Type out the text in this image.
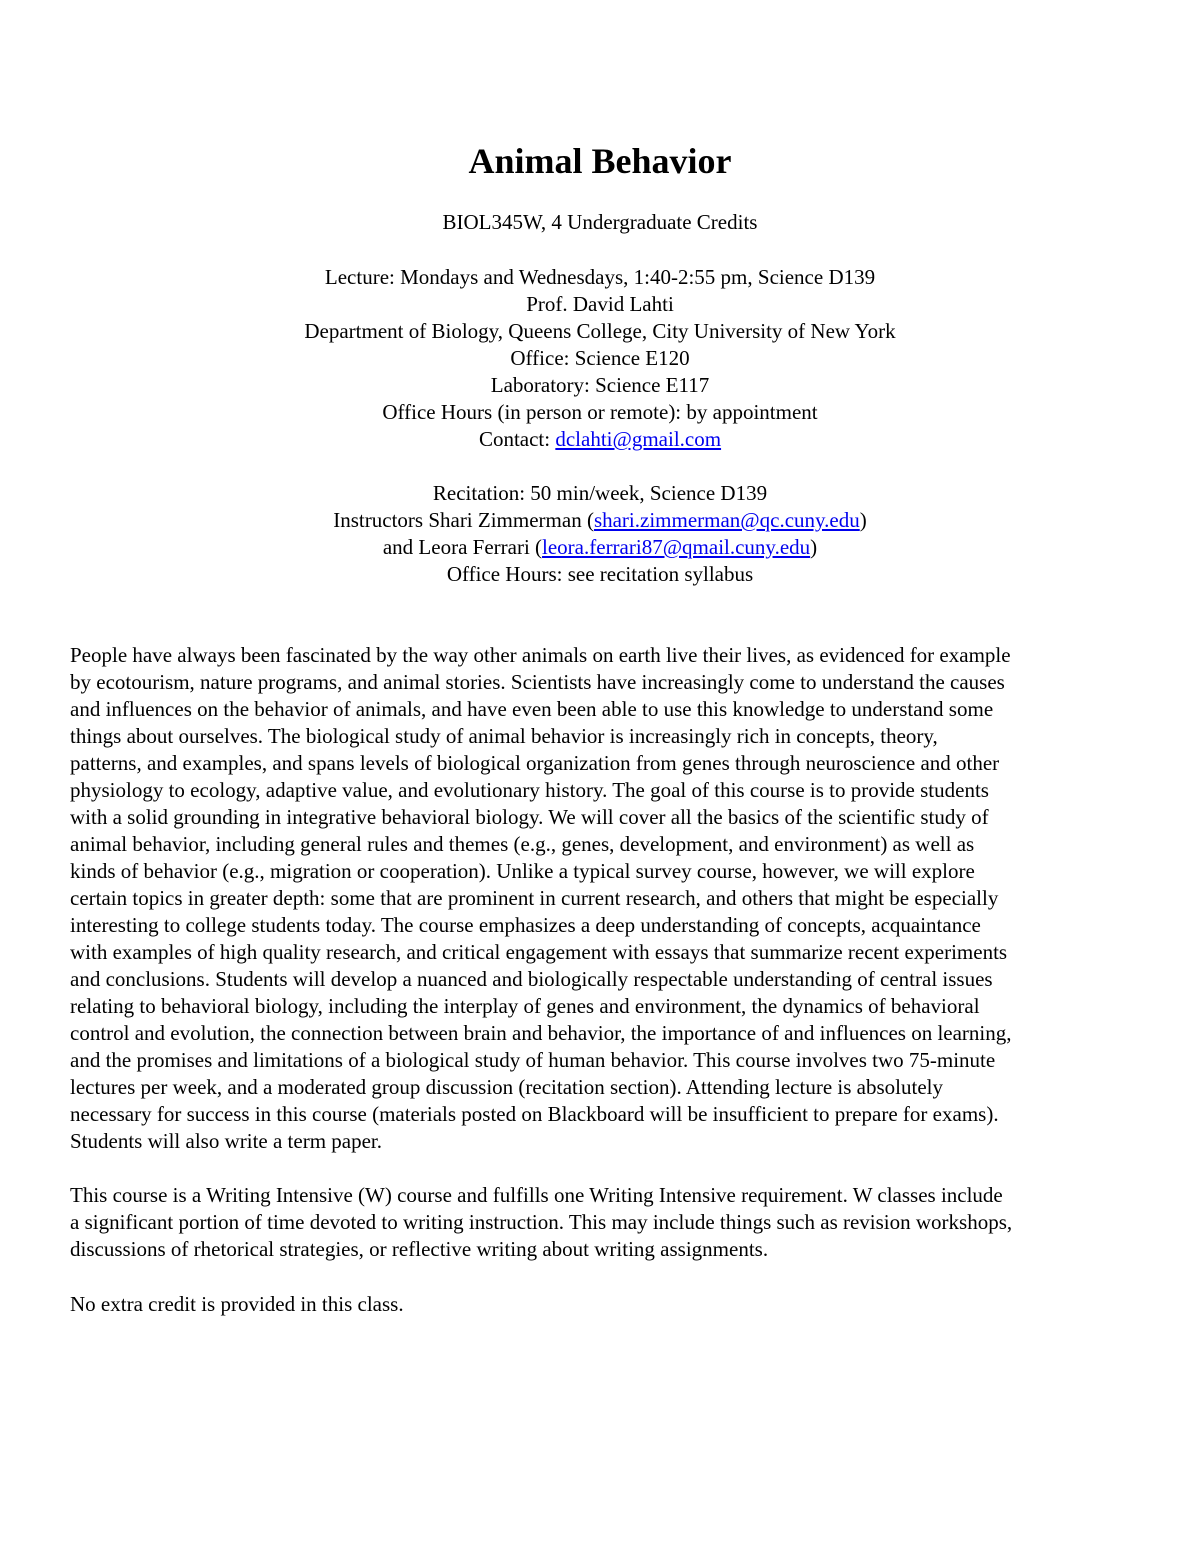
Animal Behavior
BIOL345W, 4 Undergraduate Credits
Lecture: Mondays and Wednesdays, 1:40-2:55 pm, Science D139
Prof. David Lahti
Department of Biology, Queens College, City University of New York
Office: Science E120
Laboratory: Science E117
Office Hours (in person or remote): by appointment
Contact: dclahti@gmail.com
Recitation: 50 min/week, Science D139
Instructors Shari Zimmerman (shari.zimmerman@qc.cuny.edu)
and Leora Ferrari (leora.ferrari87@qmail.cuny.edu)
Office Hours: see recitation syllabus
People have always been fascinated by the way other animals on earth live their lives, as evidenced for example
by ecotourism, nature programs, and animal stories. Scientists have increasingly come to understand the causes
and influences on the behavior of animals, and have even been able to use this knowledge to understand some
things about ourselves. The biological study of animal behavior is increasingly rich in concepts, theory,
patterns, and examples, and spans levels of biological organization from genes through neuroscience and other
physiology to ecology, adaptive value, and evolutionary history. The goal of this course is to provide students
with a solid grounding in integrative behavioral biology. We will cover all the basics of the scientific study of
animal behavior, including general rules and themes (e.g., genes, development, and environment) as well as
kinds of behavior (e.g., migration or cooperation). Unlike a typical survey course, however, we will explore
certain topics in greater depth: some that are prominent in current research, and others that might be especially
interesting to college students today. The course emphasizes a deep understanding of concepts, acquaintance
with examples of high quality research, and critical engagement with essays that summarize recent experiments
and conclusions. Students will develop a nuanced and biologically respectable understanding of central issues
relating to behavioral biology, including the interplay of genes and environment, the dynamics of behavioral
control and evolution, the connection between brain and behavior, the importance of and influences on learning,
and the promises and limitations of a biological study of human behavior. This course involves two 75-minute
lectures per week, and a moderated group discussion (recitation section). Attending lecture is absolutely
necessary for success in this course (materials posted on Blackboard will be insufficient to prepare for exams).
Students will also write a term paper.
This course is a Writing Intensive (W) course and fulfills one Writing Intensive requirement. W classes include
a significant portion of time devoted to writing instruction. This may include things such as revision workshops,
discussions of rhetorical strategies, or reflective writing about writing assignments.
No extra credit is provided in this class.
